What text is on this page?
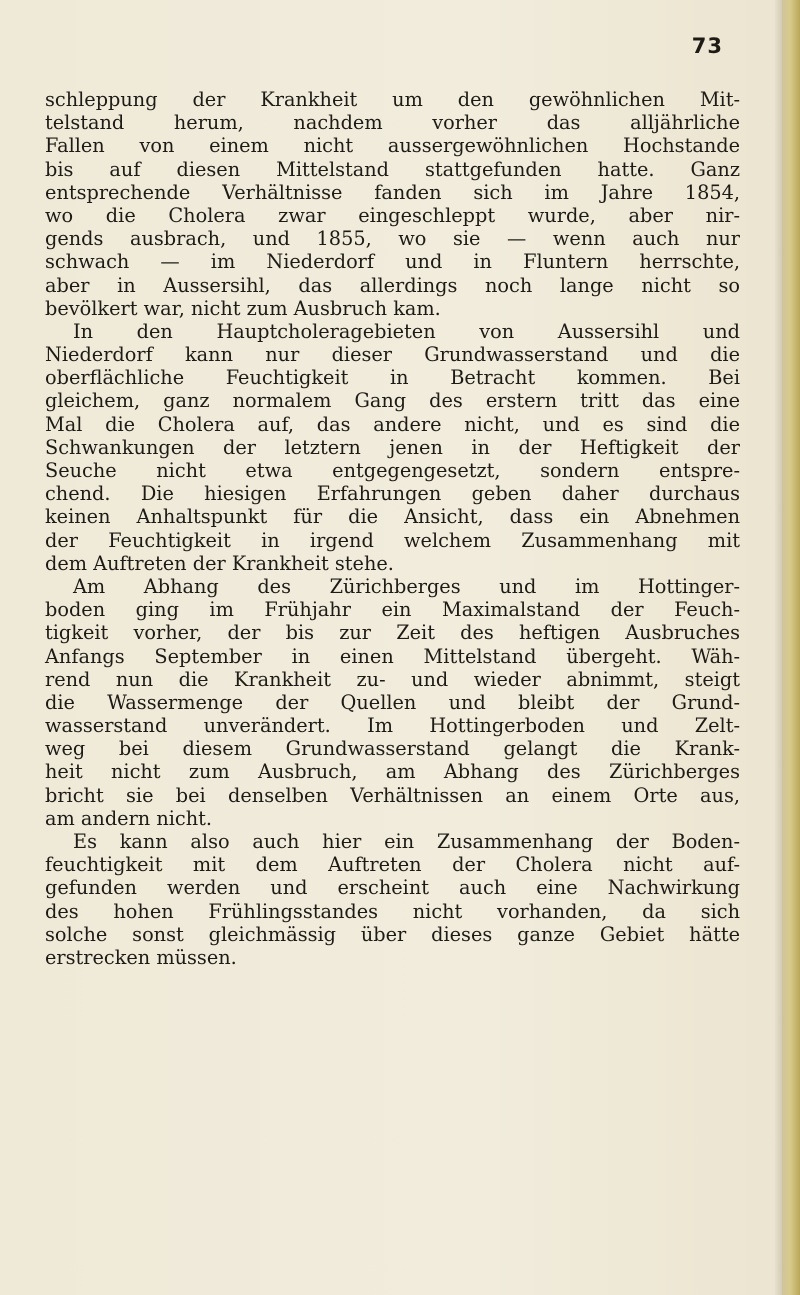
73
schleppung der Krankheit um den gewöhnlichen Mit-
telstand herum, nachdem vorher das alljährliche
Fallen von einem nicht aussergewöhnlichen Hochstande
bis auf diesen Mittelstand stattgefunden hatte. Ganz
entsprechende Verhältnisse fanden sich im Jahre 1854,
wo die Cholera zwar eingeschleppt wurde, aber nir-
gends ausbrach, und 1855, wo sie — wenn auch nur
schwach — im Niederdorf und in Fluntern herrschte,
aber in Aussersihl, das allerdings noch lange nicht so
bevölkert war, nicht zum Ausbruch kam.
In den Hauptcholeragebieten von Aussersihl und
Niederdorf kann nur dieser Grundwasserstand und die
oberflächliche Feuchtigkeit in Betracht kommen. Bei
gleichem, ganz normalem Gang des erstern tritt das eine
Mal die Cholera auf, das andere nicht, und es sind die
Schwankungen der letztern jenen in der Heftigkeit der
Seuche nicht etwa entgegengesetzt, sondern entspre-
chend. Die hiesigen Erfahrungen geben daher durchaus
keinen Anhaltspunkt für die Ansicht, dass ein Abnehmen
der Feuchtigkeit in irgend welchem Zusammenhang mit
dem Auftreten der Krankheit stehe.
Am Abhang des Zürichberges und im Hottinger-
boden ging im Frühjahr ein Maximalstand der Feuch-
tigkeit vorher, der bis zur Zeit des heftigen Ausbruches
Anfangs September in einen Mittelstand übergeht. Wäh-
rend nun die Krankheit zu- und wieder abnimmt, steigt
die Wassermenge der Quellen und bleibt der Grund-
wasserstand unverändert. Im Hottingerboden und Zelt-
weg bei diesem Grundwasserstand gelangt die Krank-
heit nicht zum Ausbruch, am Abhang des Zürichberges
bricht sie bei denselben Verhältnissen an einem Orte aus,
am andern nicht.
Es kann also auch hier ein Zusammenhang der Boden-
feuchtigkeit mit dem Auftreten der Cholera nicht auf-
gefunden werden und erscheint auch eine Nachwirkung
des hohen Frühlingsstandes nicht vorhanden, da sich
solche sonst gleichmässig über dieses ganze Gebiet hätte
erstrecken müssen.
